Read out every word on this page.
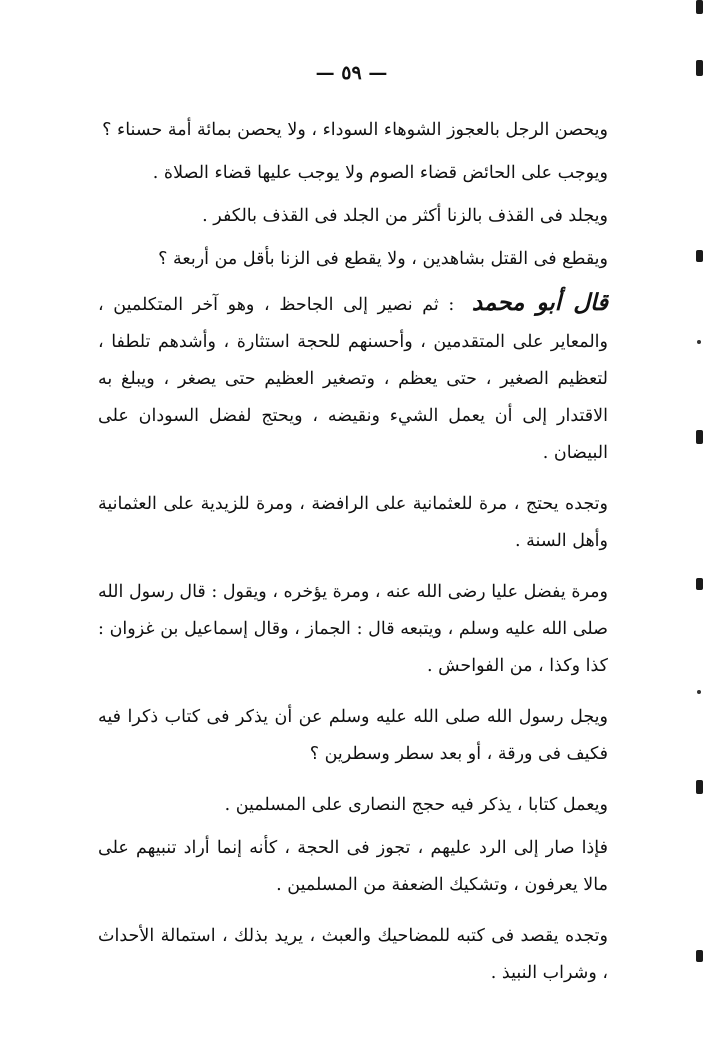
— ٥٩ —

ويحصن الرجل بالعجوز الشوهاء السوداء ، ولا يحصن بمائة أمة حسناء ؟

ويوجب على الحائض قضاء الصوم ولا يوجب عليها قضاء الصلاة .

ويجلد فى القذف بالزنا أكثر من الجلد فى القذف بالكفر .

ويقطع فى القتل بشاهدين ، ولا يقطع فى الزنا بأقل من أربعة ؟

قال أبو محمد : ثم نصير إلى الجاحظ ، وهو آخر المتكلمين ، والمعاير على المتقدمين ، وأحسنهم للحجة استثارة ، وأشدهم تلطفا ، لتعظيم الصغير ، حتى يعظم ، وتصغير العظيم حتى يصغر ، ويبلغ به الاقتدار إلى أن يعمل الشيء ونقيضه ، ويحتج لفضل السودان على البيضان .

وتجده يحتج ، مرة للعثمانية على الرافضة ، ومرة للزيدية على العثمانية وأهل السنة .

ومرة يفضل عليا رضى الله عنه ، ومرة يؤخره ، ويقول : قال رسول الله صلى الله عليه وسلم ، ويتبعه قال : الجماز ، وقال إسماعيل بن غزوان : كذا وكذا ، من الفواحش .

ويجل رسول الله صلى الله عليه وسلم عن أن يذكر فى كتاب ذكرا فيه فكيف فى ورقة ، أو بعد سطر وسطرين ؟

ويعمل كتابا ، يذكر فيه حجج النصارى على المسلمين .

فإذا صار إلى الرد عليهم ، تجوز فى الحجة ، كأنه إنما أراد تنبيهم على مالا يعرفون ، وتشكيك الضعفة من المسلمين .

وتجده يقصد فى كتبه للمضاحيك والعبث ، يريد بذلك ، استمالة الأحداث ، وشراب النبيذ .
